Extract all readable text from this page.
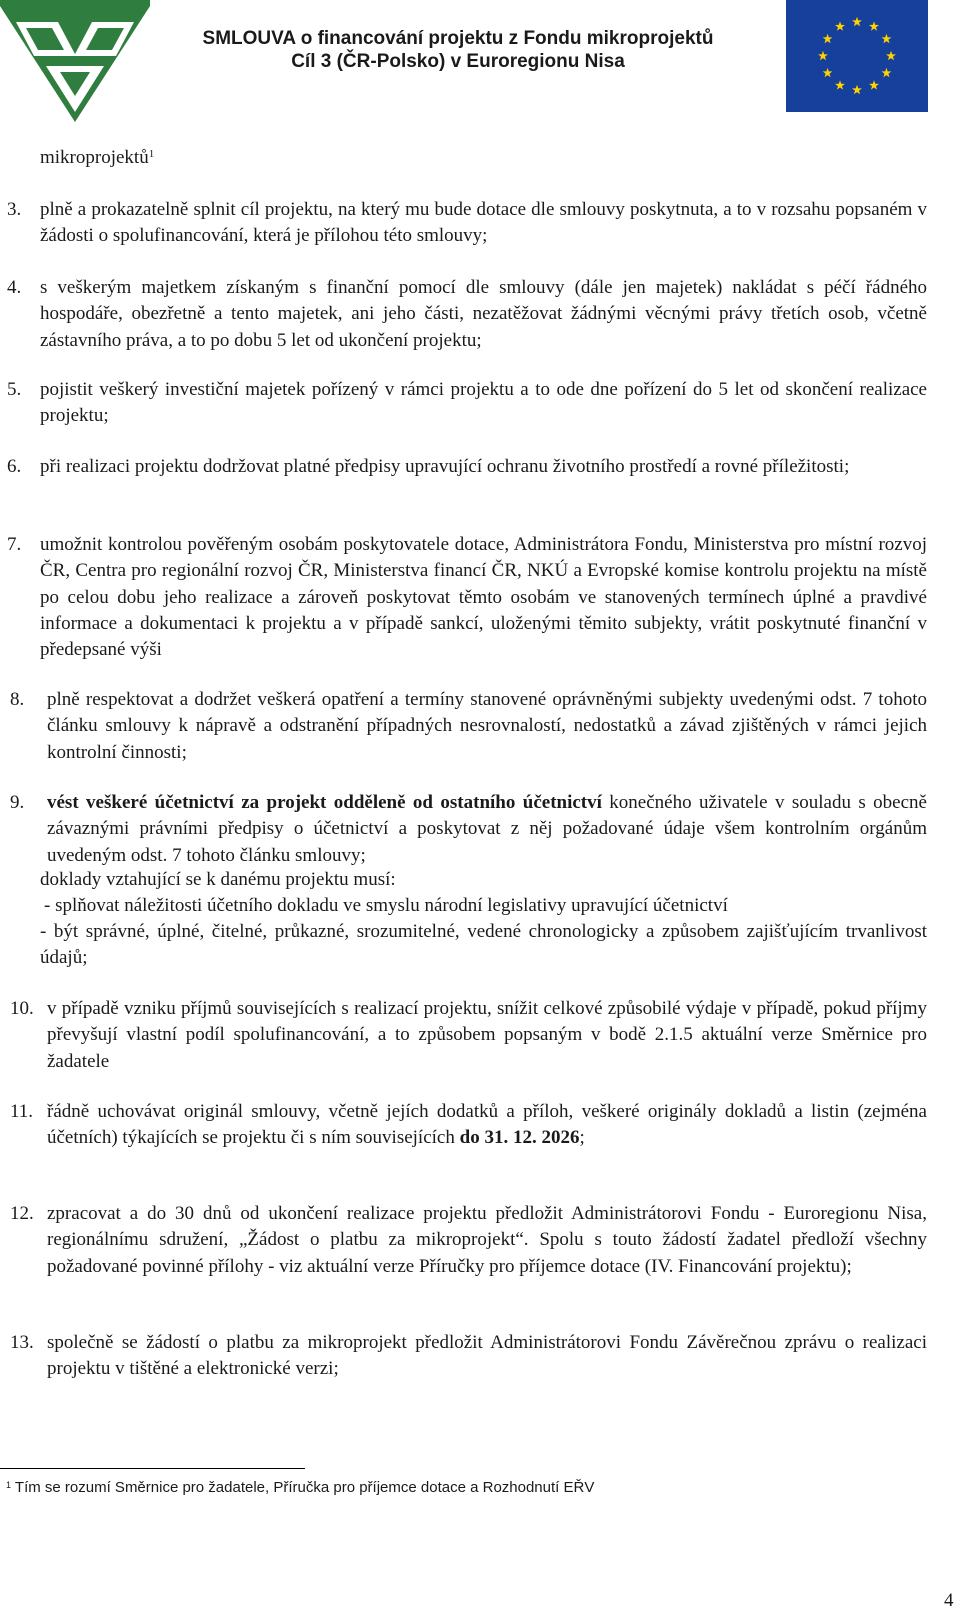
SMLOUVA o financování projektu z Fondu mikroprojektů
Cíl 3 (ČR-Polsko) v Euroregionu Nisa
mikroprojektů$^1$
3. plně a prokazatelně splnit cíl projektu, na který mu bude dotace dle smlouvy poskytnuta, a to v rozsahu popsaném v žádosti o spolufinancování, která je přílohou této smlouvy;
4. s veškerým majetkem získaným s finanční pomocí dle smlouvy (dále jen majetek) nakládat s péčí řádného hospodáře, obezřetně a tento majetek, ani jeho části, nezatěžovat žádnými věcnými právy třetích osob, včetně zástavního práva, a to po dobu 5 let od ukončení projektu;
5. pojistit veškerý investiční majetek pořízený v rámci projektu a to ode dne pořízení do 5 let od skončení realizace projektu;
6. při realizaci projektu dodržovat platné předpisy upravující ochranu životního prostředí a rovné příležitosti;
7. umožnit kontrolou pověřeným osobám poskytovatele dotace, Administrátora Fondu, Ministerstva pro místní rozvoj ČR, Centra pro regionální rozvoj ČR, Ministerstva financí ČR, NKÚ a Evropské komise kontrolu projektu na místě po celou dobu jeho realizace a zároveň poskytovat těmto osobám ve stanovených termínech úplné a pravdivé informace a dokumentaci k projektu a v případě sankcí, uloženými těmito subjekty, vrátit poskytnuté finanční v předepsané výši
8. plně respektovat a dodržet veškerá opatření a termíny stanovené oprávněnými subjekty uvedenými odst. 7 tohoto článku smlouvy k nápravě a odstranění případných nesrovnalostí, nedostatků a závad zjištěných v rámci jejich kontrolní činnosti;
9. vést veškeré účetnictví za projekt odděleně od ostatního účetnictví konečného uživatele v souladu s obecně závaznými právními předpisy o účetnictví a poskytovat z něj požadované údaje všem kontrolním orgánům uvedeným odst. 7 tohoto článku smlouvy;
doklady vztahující se k danému projektu musí:
- splňovat náležitosti účetního dokladu ve smyslu národní legislativy upravující účetnictví
- být správné, úplné, čitelné, průkazné, srozumitelné, vedené chronologicky a způsobem zajišťujícím trvanlivost údajů;
10. v případě vzniku příjmů souvisejících s realizací projektu, snížit celkové způsobilé výdaje v případě, pokud příjmy převyšují vlastní podíl spolufinancování, a to způsobem popsaným v bodě 2.1.5 aktuální verze Směrnice pro žadatele
11. řádně uchovávat originál smlouvy, včetně jejích dodatků a příloh, veškeré originály dokladů a listin (zejména účetních) týkajících se projektu či s ním souvisejících do 31. 12. 2026;
12. zpracovat a do 30 dnů od ukončení realizace projektu předložit Administrátorovi Fondu - Euroregionu Nisa, regionálnímu sdružení, „Žádost o platbu za mikroprojekt“. Spolu s touto žádostí žadatel předloží všechny požadované povinné přílohy - viz aktuální verze Příručky pro příjemce dotace (IV. Financování projektu);
13. společně se žádostí o platbu za mikroprojekt předložit Administrátorovi Fondu Závěrečnou zprávu o realizaci projektu v tištěné a elektronické verzi;
$^1$ Tím se rozumí Směrnice pro žadatele, Příručka pro příjemce dotace a Rozhodnutí EŘV
4
